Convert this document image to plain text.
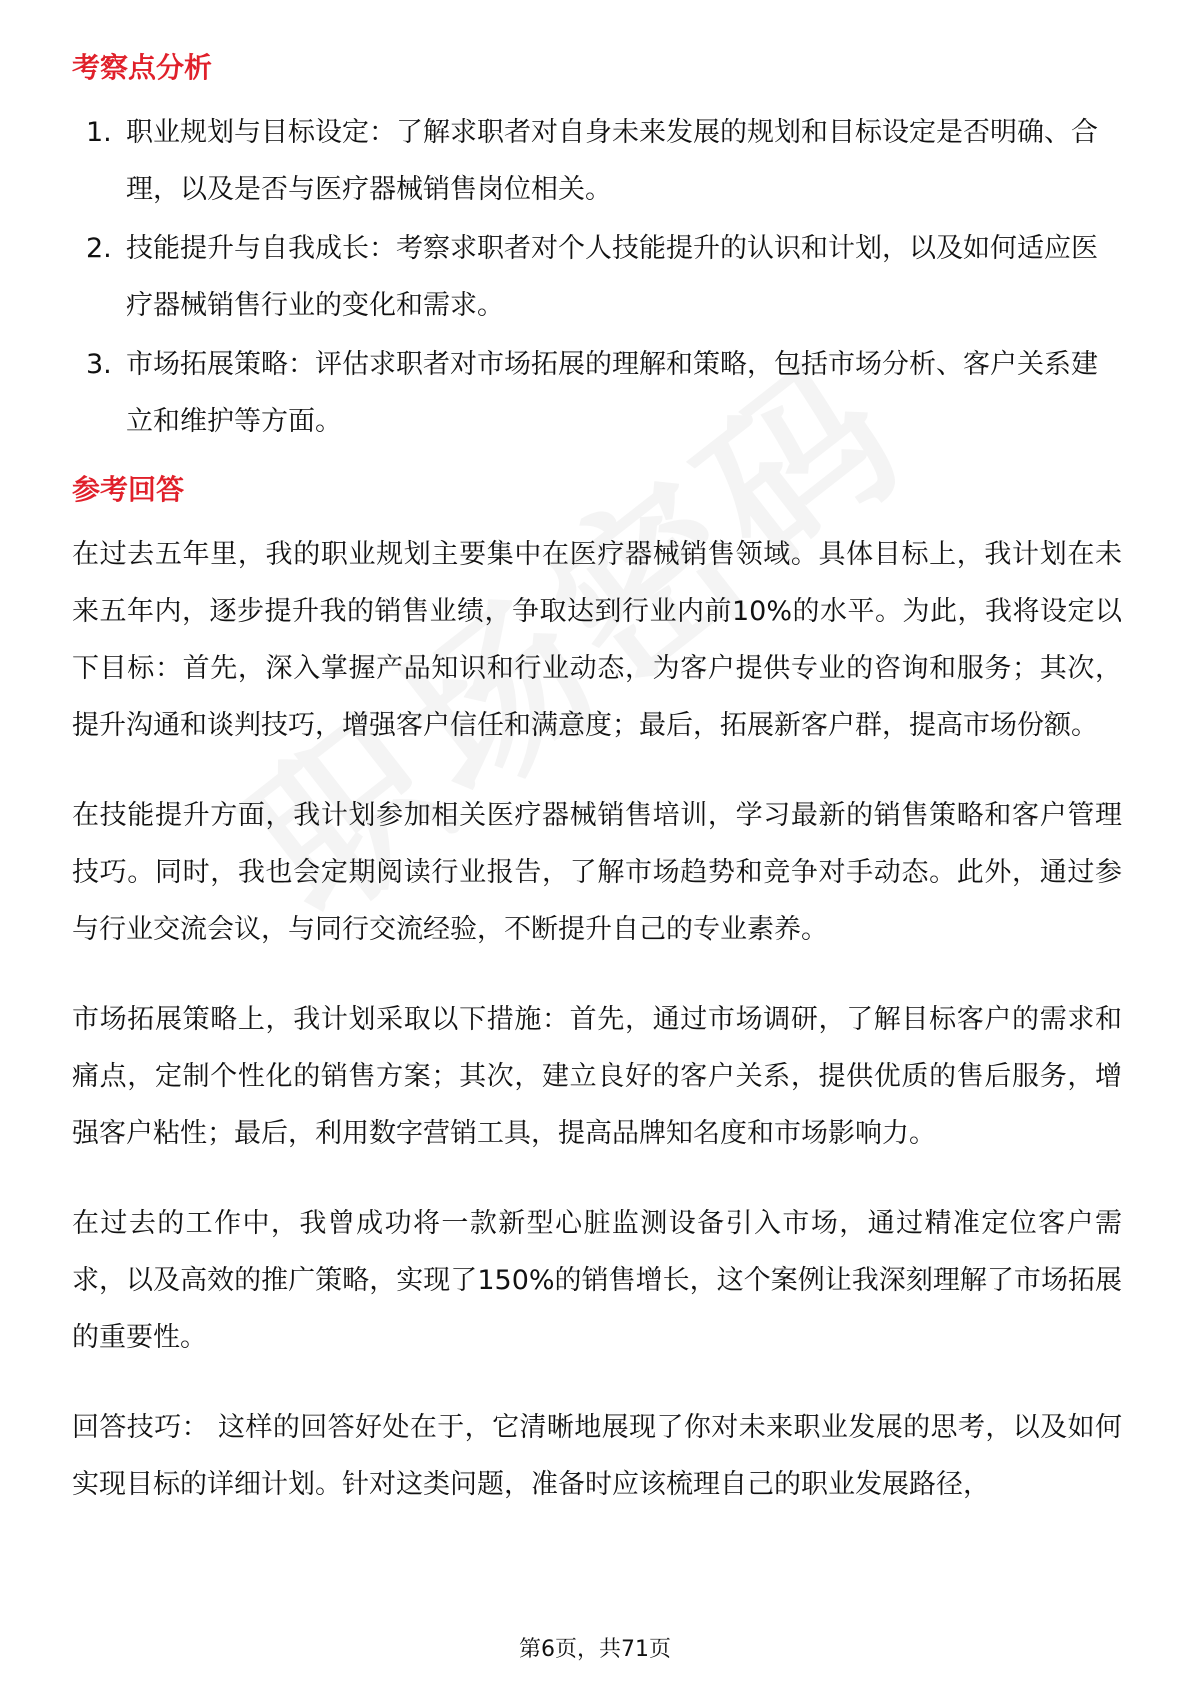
考察点分析
1. 职业规划与目标设定：了解求职者对自身未来发展的规划和目标设定是否明确、合理，以及是否与医疗器械销售岗位相关。
2. 技能提升与自我成长：考察求职者对个人技能提升的认识和计划，以及如何适应医疗器械销售行业的变化和需求。
3. 市场拓展策略：评估求职者对市场拓展的理解和策略，包括市场分析、客户关系建立和维护等方面。
参考回答

在过去五年里，我的职业规划主要集中在医疗器械销售领域。具体目标上，我计划在未来五年内，逐步提升我的销售业绩，争取达到行业内前10%的水平。为此，我将设定以下目标：首先，深入掌握产品知识和行业动态，为客户提供专业的咨询和服务；其次，提升沟通和谈判技巧，增强客户信任和满意度；最后，拓展新客户群，提高市场份额。

在技能提升方面，我计划参加相关医疗器械销售培训，学习最新的销售策略和客户管理技巧。同时，我也会定期阅读行业报告，了解市场趋势和竞争对手动态。此外，通过参与行业交流会议，与同行交流经验，不断提升自己的专业素养。

市场拓展策略上，我计划采取以下措施：首先，通过市场调研，了解目标客户的需求和痛点，定制个性化的销售方案；其次，建立良好的客户关系，提供优质的售后服务，增强客户粘性；最后，利用数字营销工具，提高品牌知名度和市场影响力。

在过去的工作中，我曾成功将一款新型心脏监测设备引入市场，通过精准定位客户需求，以及高效的推广策略，实现了150%的销售增长，这个案例让我深刻理解了市场拓展的重要性。

回答技巧： 这样的回答好处在于，它清晰地展现了你对未来职业发展的思考，以及如何实现目标的详细计划。针对这类问题，准备时应该梳理自己的职业发展路径，

第6页，共71页
